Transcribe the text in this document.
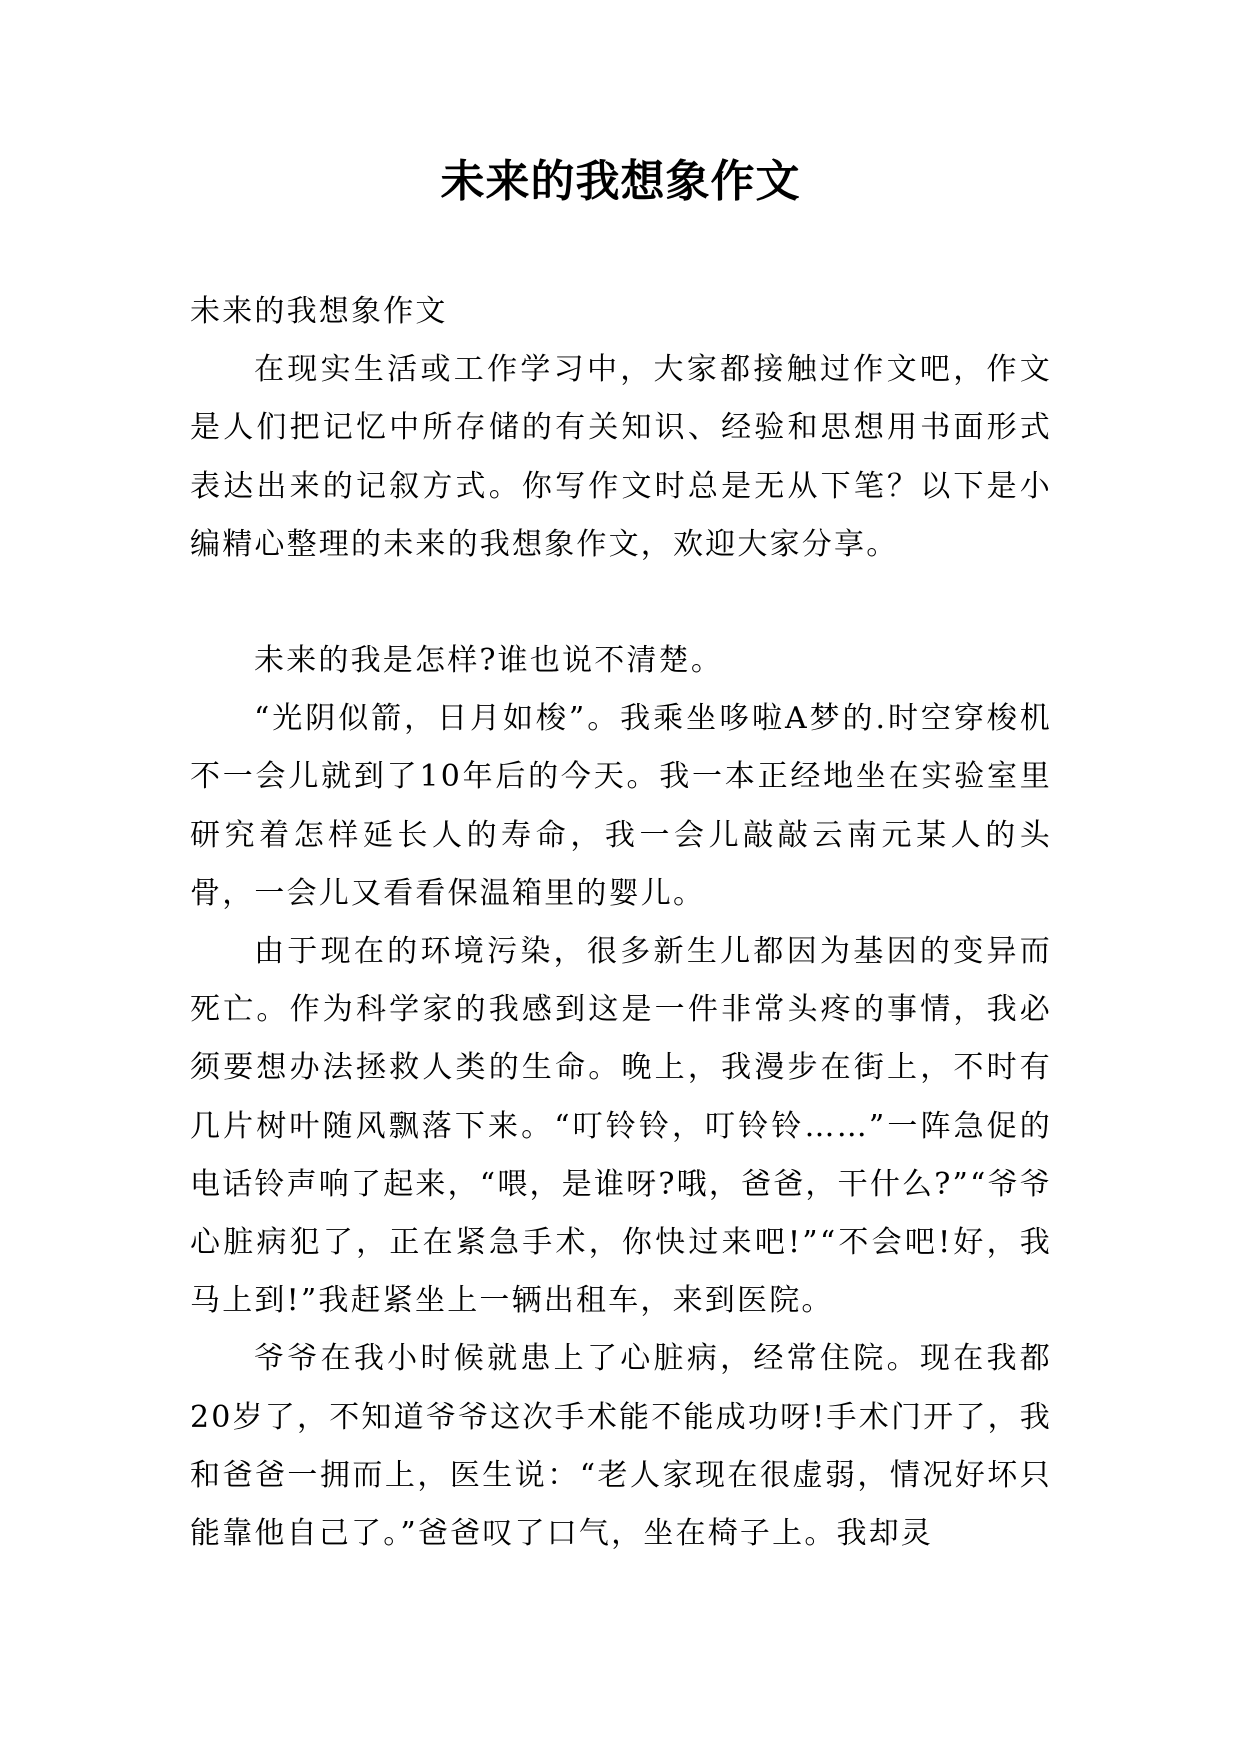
未来的我想象作文

未来的我想象作文

在现实生活或工作学习中，大家都接触过作文吧，作文是人们把记忆中所存储的有关知识、经验和思想用书面形式表达出来的记叙方式。你写作文时总是无从下笔？以下是小编精心整理的未来的我想象作文，欢迎大家分享。

未来的我是怎样?谁也说不清楚。

“光阴似箭，日月如梭”。我乘坐哆啦A梦的.时空穿梭机不一会儿就到了10年后的今天。我一本正经地坐在实验室里研究着怎样延长人的寿命，我一会儿敲敲云南元某人的头骨，一会儿又看看保温箱里的婴儿。

由于现在的环境污染，很多新生儿都因为基因的变异而死亡。作为科学家的我感到这是一件非常头疼的事情，我必须要想办法拯救人类的生命。晚上，我漫步在街上，不时有几片树叶随风飘落下来。“叮铃铃，叮铃铃……”一阵急促的电话铃声响了起来，“喂，是谁呀?哦，爸爸，干什么?”“爷爷心脏病犯了，正在紧急手术，你快过来吧!”“不会吧!好，我马上到!”我赶紧坐上一辆出租车，来到医院。

爷爷在我小时候就患上了心脏病，经常住院。现在我都20岁了，不知道爷爷这次手术能不能成功呀!手术门开了，我和爸爸一拥而上，医生说：“老人家现在很虚弱，情况好坏只能靠他自己了。”爸爸叹了口气，坐在椅子上。我却灵
